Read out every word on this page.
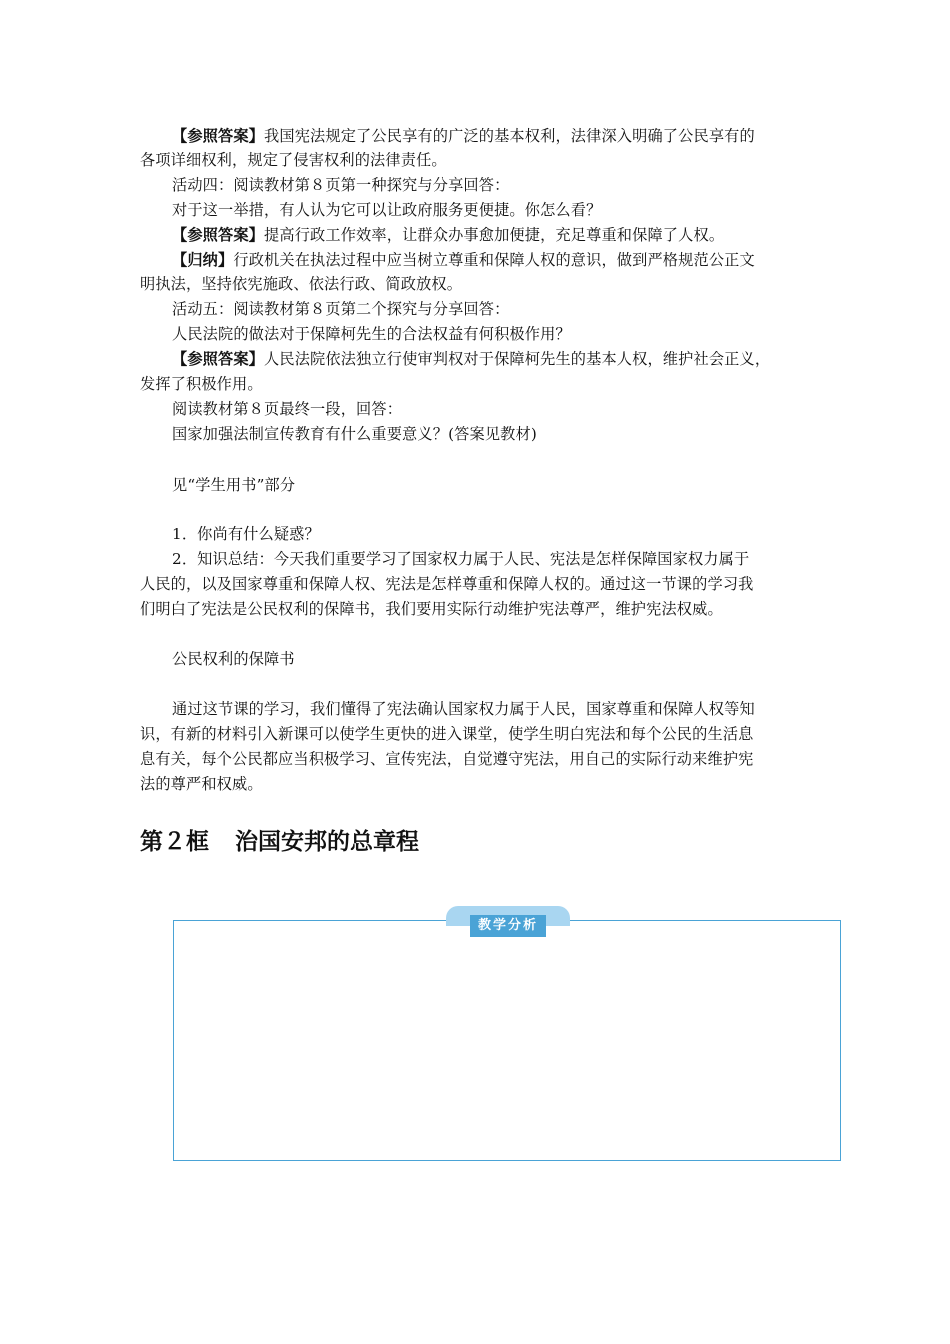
【参照答案】我国宪法规定了公民享有的广泛的基本权利，法律深入明确了公民享有的
各项详细权利，规定了侵害权利的法律责任。
活动四：阅读教材第８页第一种探究与分享回答：
对于这一举措，有人认为它可以让政府服务更便捷。你怎么看？
【参照答案】提高行政工作效率，让群众办事愈加便捷，充足尊重和保障了人权。
【归纳】行政机关在执法过程中应当树立尊重和保障人权的意识，做到严格规范公正文
明执法，坚持依宪施政、依法行政、简政放权。
活动五：阅读教材第８页第二个探究与分享回答：
人民法院的做法对于保障柯先生的合法权益有何积极作用？
【参照答案】人民法院依法独立行使审判权对于保障柯先生的基本人权，维护社会正义，
发挥了积极作用。
阅读教材第８页最终一段，回答：
国家加强法制宣传教育有什么重要意义？(答案见教材)
见“学生用书”部分
1．你尚有什么疑惑？
2．知识总结：今天我们重要学习了国家权力属于人民、宪法是怎样保障国家权力属于
人民的，以及国家尊重和保障人权、宪法是怎样尊重和保障人权的。通过这一节课的学习我
们明白了宪法是公民权利的保障书，我们要用实际行动维护宪法尊严，维护宪法权威。
公民权利的保障书
通过这节课的学习，我们懂得了宪法确认国家权力属于人民，国家尊重和保障人权等知
识，有新的材料引入新课可以使学生更快的进入课堂，使学生明白宪法和每个公民的生活息
息有关，每个公民都应当积极学习、宣传宪法，自觉遵守宪法，用自己的实际行动来维护宪
法的尊严和权威。
第２框 治国安邦的总章程
教学分析
